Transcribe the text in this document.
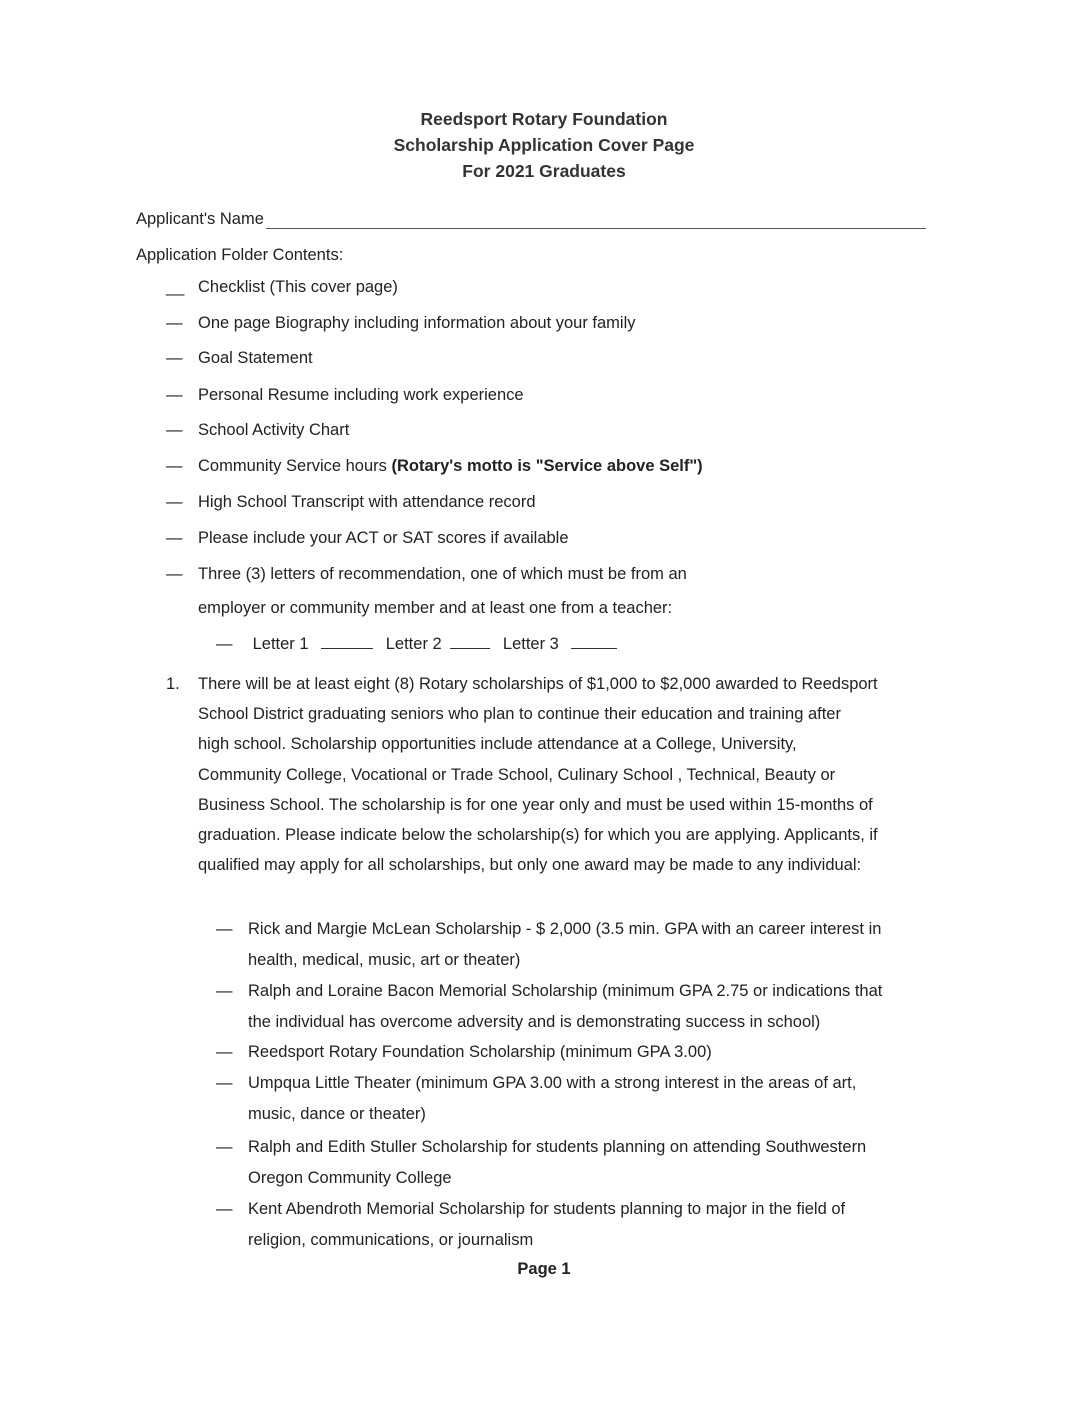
Reedsport Rotary Foundation
Scholarship Application Cover Page
For 2021 Graduates
Applicant's Name
Application Folder Contents:
__ Checklist (This cover page)
— One page Biography including information about your family
— Goal Statement
— Personal Resume including work experience
— School Activity Chart
— Community Service hours (Rotary's motto is "Service above Self")
— High School Transcript with attendance record
— Please include your ACT or SAT scores if available
— Three (3) letters of recommendation, one of which must be from an
employer or community member and at least one from a teacher:
— Letter 1	Letter 2	Letter 3
1.	There will be at least eight (8) Rotary scholarships of $1,000 to $2,000 awarded to Reedsport
School District graduating seniors who plan to continue their education and training after
high school. Scholarship opportunities include attendance at a College, University,
Community College, Vocational or Trade School, Culinary School , Technical, Beauty or
Business School. The scholarship is for one year only and must be used within 15-months of
graduation. Please indicate below the scholarship(s) for which you are applying. Applicants, if
qualified may apply for all scholarships, but only one award may be made to any individual:
— Rick and Margie McLean Scholarship - $ 2,000 (3.5 min. GPA with an career interest in
health, medical, music, art or theater)
— Ralph and Loraine Bacon Memorial Scholarship (minimum GPA 2.75 or indications that
the individual has overcome adversity and is demonstrating success in school)
— Reedsport Rotary Foundation Scholarship (minimum GPA 3.00)
— Umpqua Little Theater (minimum GPA 3.00 with a strong interest in the areas of art,
music, dance or theater)
— Ralph and Edith Stuller Scholarship for students planning on attending Southwestern
Oregon Community College
— Kent Abendroth Memorial Scholarship for students planning to major in the field of
religion, communications, or journalism
Page 1
